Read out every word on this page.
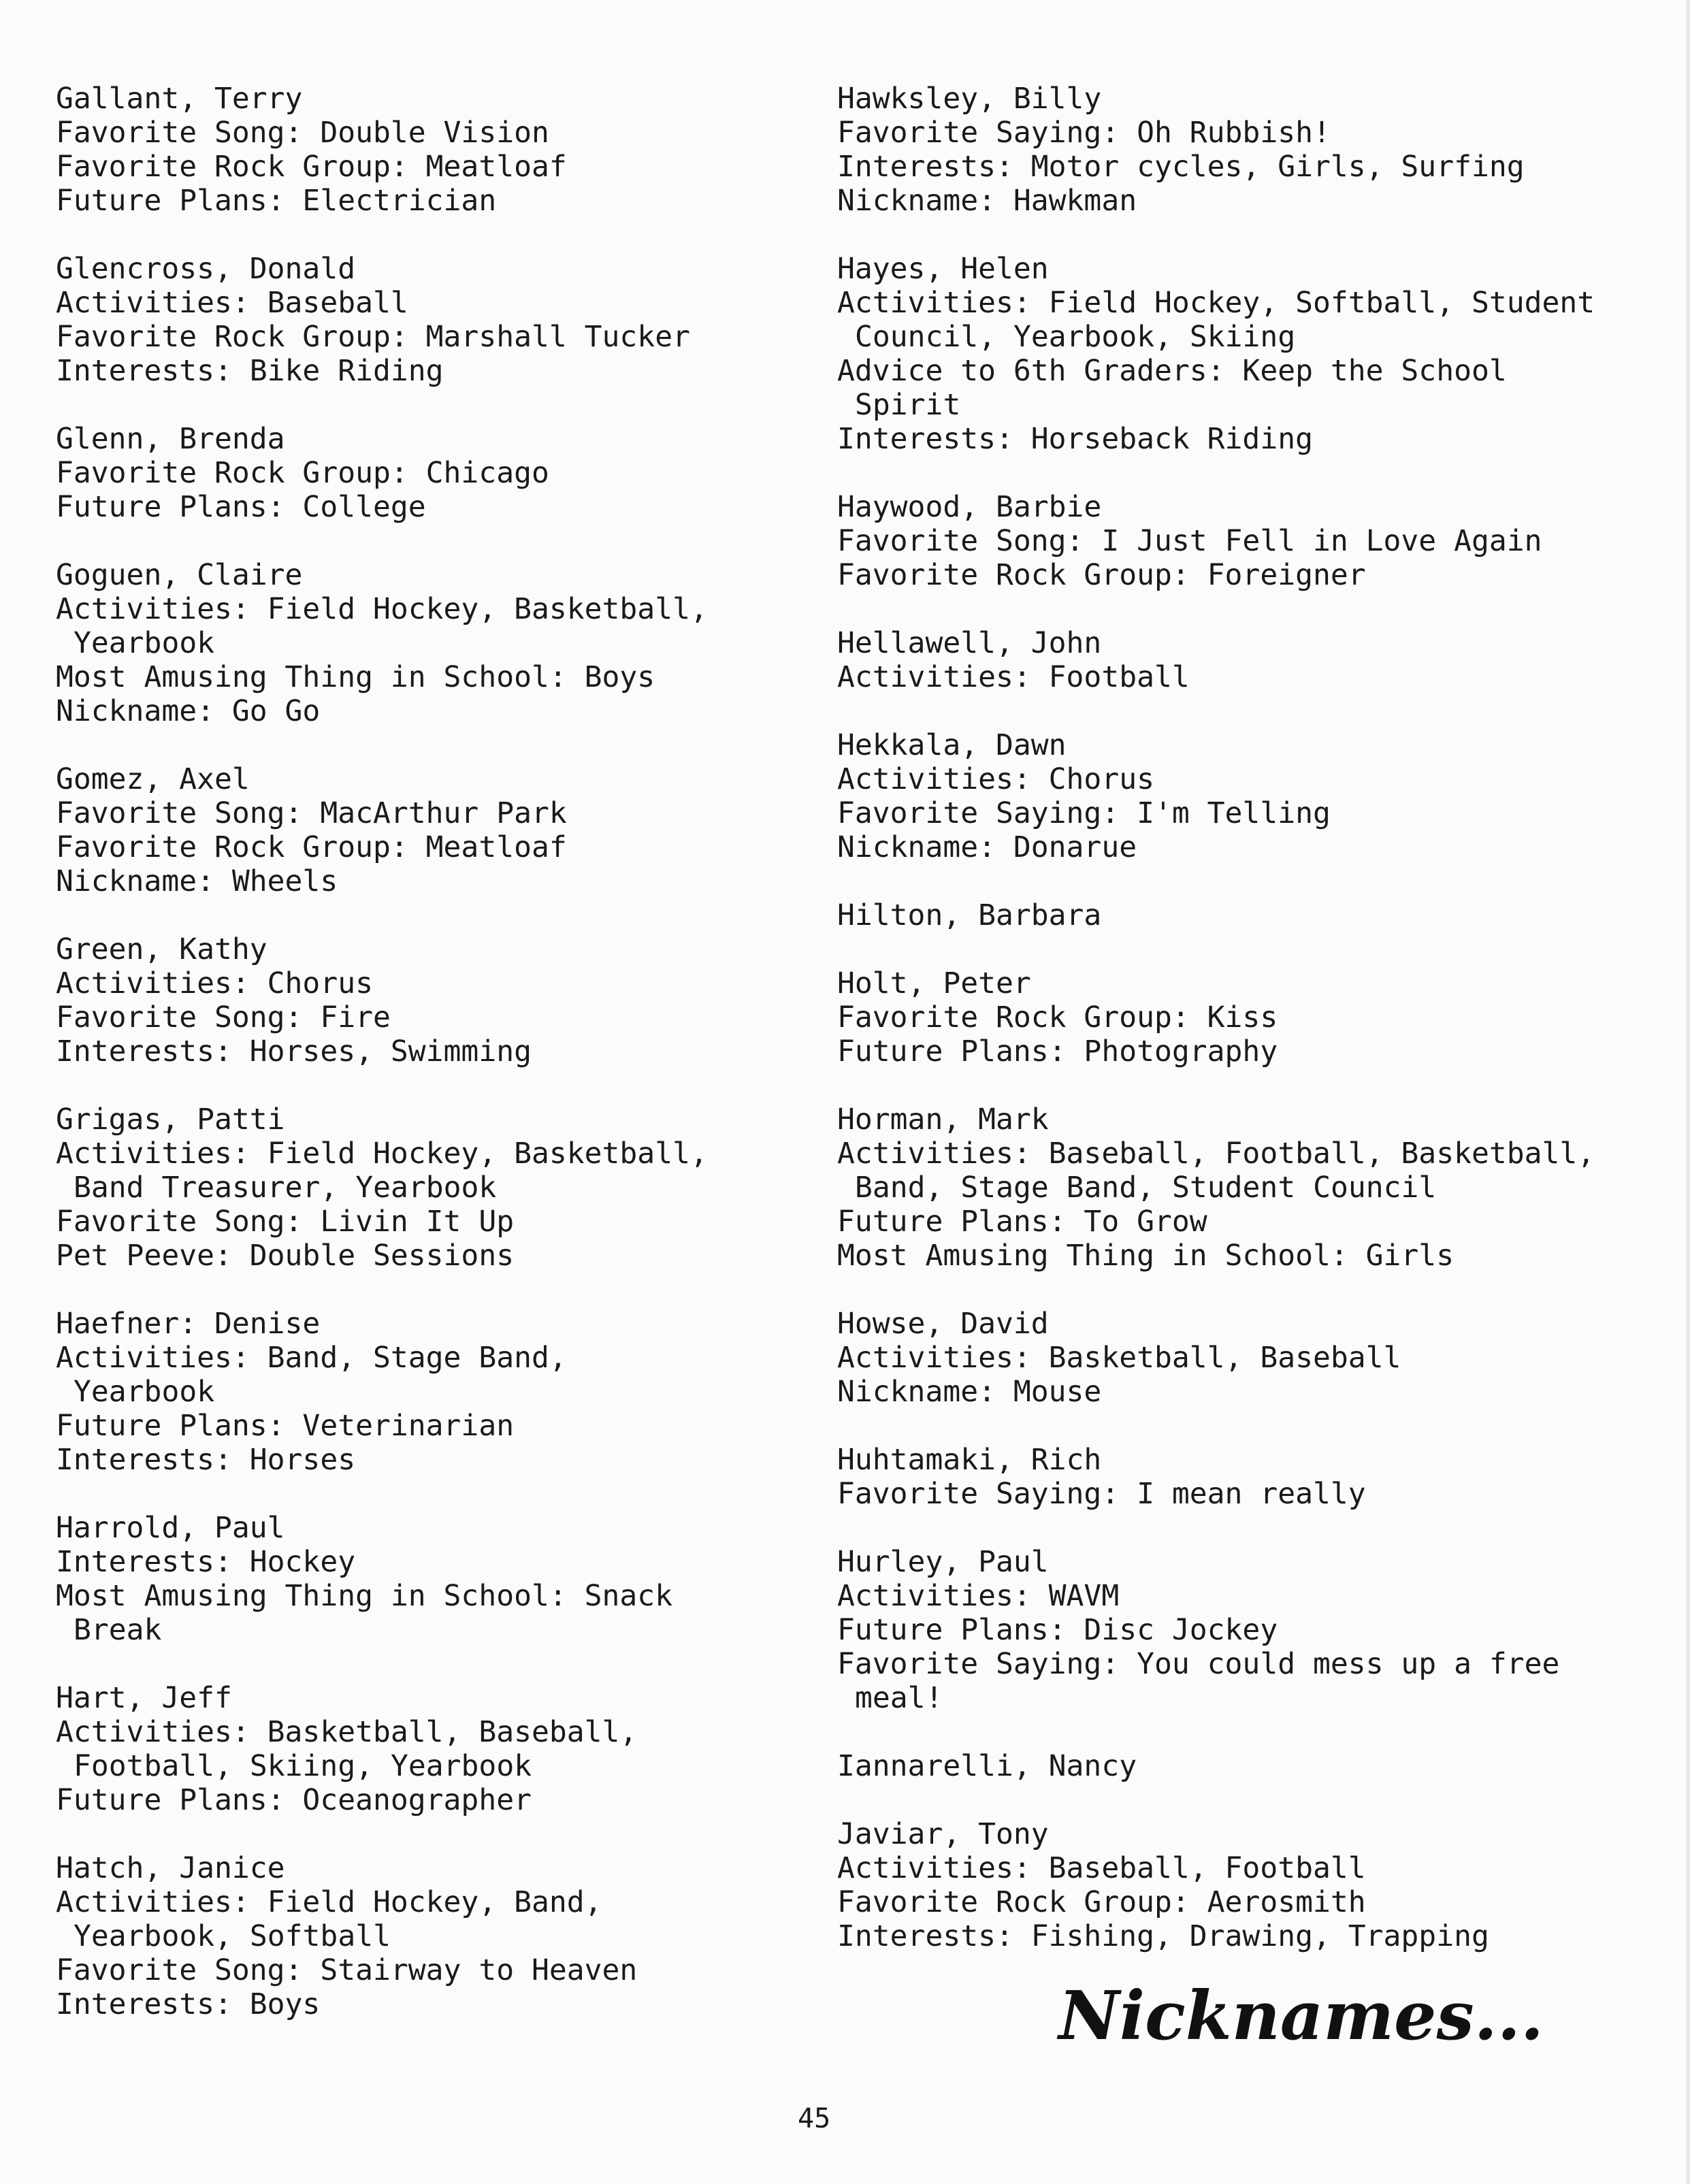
Gallant, Terry
Favorite Song: Double Vision
Favorite Rock Group: Meatloaf
Future Plans: Electrician
Glencross, Donald
Activities: Baseball
Favorite Rock Group: Marshall Tucker
Interests: Bike Riding
Glenn, Brenda
Favorite Rock Group: Chicago
Future Plans: College
Goguen, Claire
Activities: Field Hockey, Basketball,
Yearbook
Most Amusing Thing in School: Boys
Nickname: Go Go
Gomez, Axel
Favorite Song: MacArthur Park
Favorite Rock Group: Meatloaf
Nickname: Wheels
Green, Kathy
Activities: Chorus
Favorite Song: Fire
Interests: Horses, Swimming
Grigas, Patti
Activities: Field Hockey, Basketball,
Band Treasurer, Yearbook
Favorite Song: Livin It Up
Pet Peeve: Double Sessions
Haefner: Denise
Activities: Band, Stage Band,
Yearbook
Future Plans: Veterinarian
Interests: Horses
Harrold, Paul
Interests: Hockey
Most Amusing Thing in School: Snack
Break
Hart, Jeff
Activities: Basketball, Baseball,
Football, Skiing, Yearbook
Future Plans: Oceanographer
Hatch, Janice
Activities: Field Hockey, Band,
Yearbook, Softball
Favorite Song: Stairway to Heaven
Interests: Boys
Hawksley, Billy
Favorite Saying: Oh Rubbish!
Interests: Motor cycles, Girls, Surfing
Nickname: Hawkman
Hayes, Helen
Activities: Field Hockey, Softball, Student
Council, Yearbook, Skiing
Advice to 6th Graders: Keep the School
Spirit
Interests: Horseback Riding
Haywood, Barbie
Favorite Song: I Just Fell in Love Again
Favorite Rock Group: Foreigner
Hellawell, John
Activities: Football
Hekkala, Dawn
Activities: Chorus
Favorite Saying: I'm Telling
Nickname: Donarue
Hilton, Barbara
Holt, Peter
Favorite Rock Group: Kiss
Future Plans: Photography
Horman, Mark
Activities: Baseball, Football, Basketball,
Band, Stage Band, Student Council
Future Plans: To Grow
Most Amusing Thing in School: Girls
Howse, David
Activities: Basketball, Baseball
Nickname: Mouse
Huhtamaki, Rich
Favorite Saying: I mean really
Hurley, Paul
Activities: WAVM
Future Plans: Disc Jockey
Favorite Saying: You could mess up a free
meal!
Iannarelli, Nancy
Javiar, Tony
Activities: Baseball, Football
Favorite Rock Group: Aerosmith
Interests: Fishing, Drawing, Trapping
Nicknames...
45
